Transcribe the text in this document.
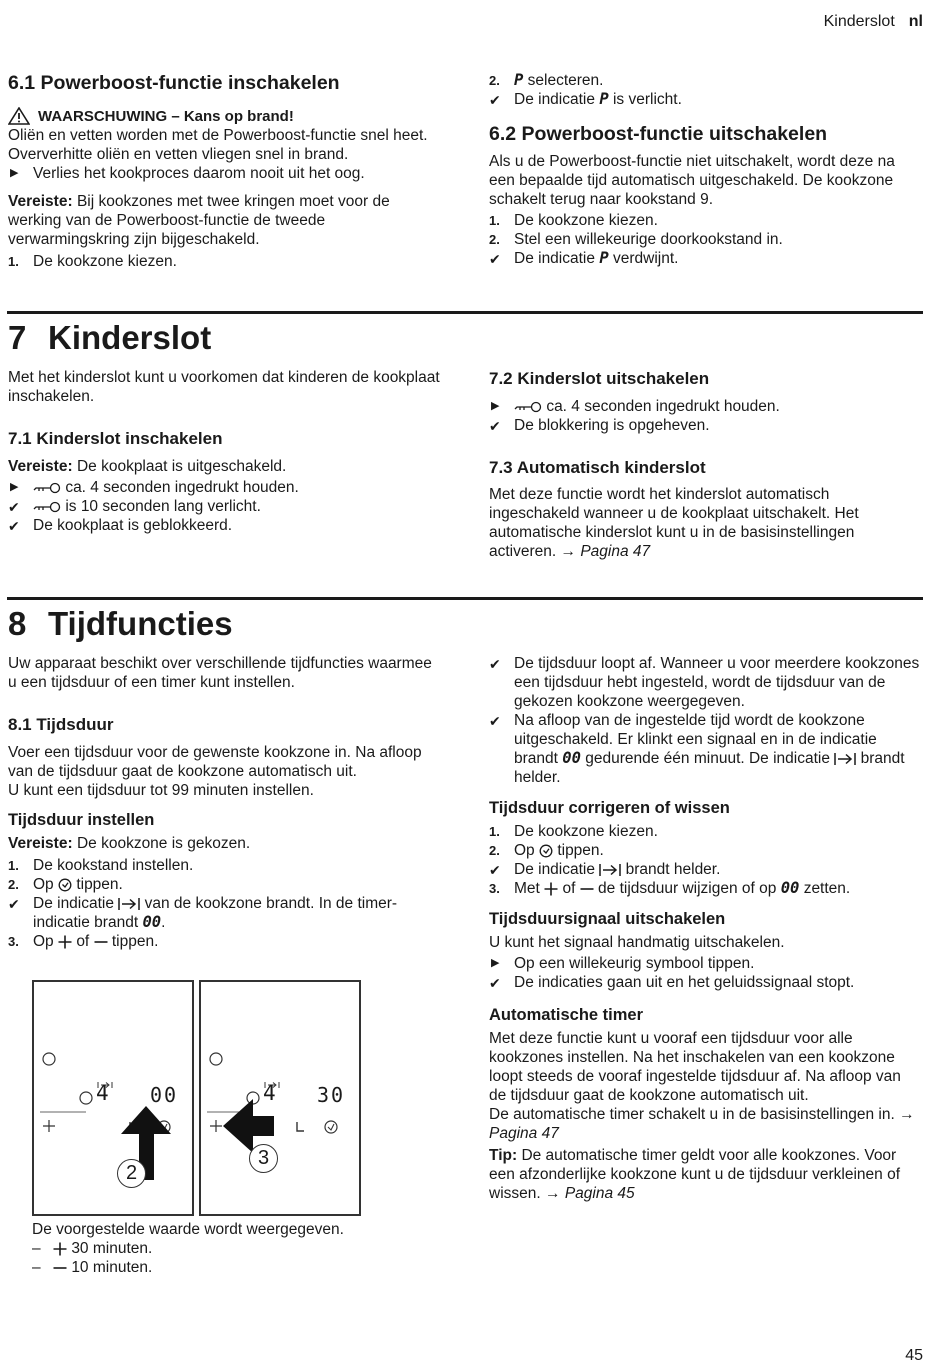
Kinderslot nl

6.1 Powerboost-functie inschakelen

WAARSCHUWING – Kans op brand!

Oliën en vetten worden met de Powerboost-functie snel heet. Oververhitte oliën en vetten vliegen snel in brand.

▶ Verlies het kookproces daarom nooit uit het oog.

Vereiste: Bij kookzones met twee kringen moet voor de werking van de Powerboost-functie de tweede verwarmingskring zijn bijgeschakeld.

1. De kookzone kiezen.
2. P selecteren.
✔ De indicatie P is verlicht.

6.2 Powerboost-functie uitschakelen

Als u de Powerboost-functie niet uitschakelt, wordt deze na een bepaalde tijd automatisch uitgeschakeld. De kookzone schakelt terug naar kookstand 9.

1. De kookzone kiezen.
2. Stel een willekeurige doorkookstand in.
✔ De indicatie P verdwijnt.

7 Kinderslot

Met het kinderslot kunt u voorkomen dat kinderen de kookplaat inschakelen.

7.1 Kinderslot inschakelen

Vereiste: De kookplaat is uitgeschakeld.

▶	ca. 4 seconden ingedrukt houden.
✔	is 10 seconden lang verlicht.
✔ De kookplaat is geblokkeerd.

7.2 Kinderslot uitschakelen

▶	ca. 4 seconden ingedrukt houden.
✔ De blokkering is opgeheven.

7.3 Automatisch kinderslot

Met deze functie wordt het kinderslot automatisch ingeschakeld wanneer u de kookplaat uitschakelt. Het automatische kinderslot kunt u in de basisinstellingen activeren. → Pagina 47

8 Tijdfuncties

Uw apparaat beschikt over verschillende tijdfuncties waarmee u een tijdsduur of een timer kunt instellen.

8.1 Tijdsduur

Voer een tijdsduur voor de gewenste kookzone in. Na afloop van de tijdsduur gaat de kookzone automatisch uit.

U kunt een tijdsduur tot 99 minuten instellen.

Tijdsduur instellen

Vereiste: De kookzone is gekozen.

1. De kookstand instellen.
2. Op tippen.
✔ De indicatie van de kookzone brandt. In de timer-indicatie brandt 00.
3. Op of tippen.
4 00
2
4 30
3

De voorgestelde waarde wordt weergegeven.

– 30 minuten.
– 10 minuten.
✔ De tijdsduur loopt af. Wanneer u voor meerdere kookzones een tijdsduur hebt ingesteld, wordt de tijdsduur van de gekozen kookzone weergegeven.
✔ Na afloop van de ingestelde tijd wordt de kookzone uitgeschakeld. Er klinkt een signaal en in de indicatie brandt 00 gedurende één minuut. De indicatie brandt helder.

Tijdsduur corrigeren of wissen

1. De kookzone kiezen.
2. Op tippen.
✔ De indicatie brandt helder.
3. Met of de tijdsduur wijzigen of op 00 zetten.

Tijdsduursignaal uitschakelen

U kunt het signaal handmatig uitschakelen.

▶ Op een willekeurig symbool tippen.
✔ De indicaties gaan uit en het geluidssignaal stopt.

Automatische timer

Met deze functie kunt u vooraf een tijdsduur voor alle kookzones instellen. Na het inschakelen van een kookzone loopt steeds de vooraf ingestelde tijdsduur af. Na afloop van de tijdsduur gaat de kookzone automatisch uit.

De automatische timer schakelt u in de basisinstellingen in. → Pagina 47

Tip: De automatische timer geldt voor alle kookzones. Voor een afzonderlijke kookzone kunt u de tijdsduur verkleinen of wissen. → Pagina 45

45
